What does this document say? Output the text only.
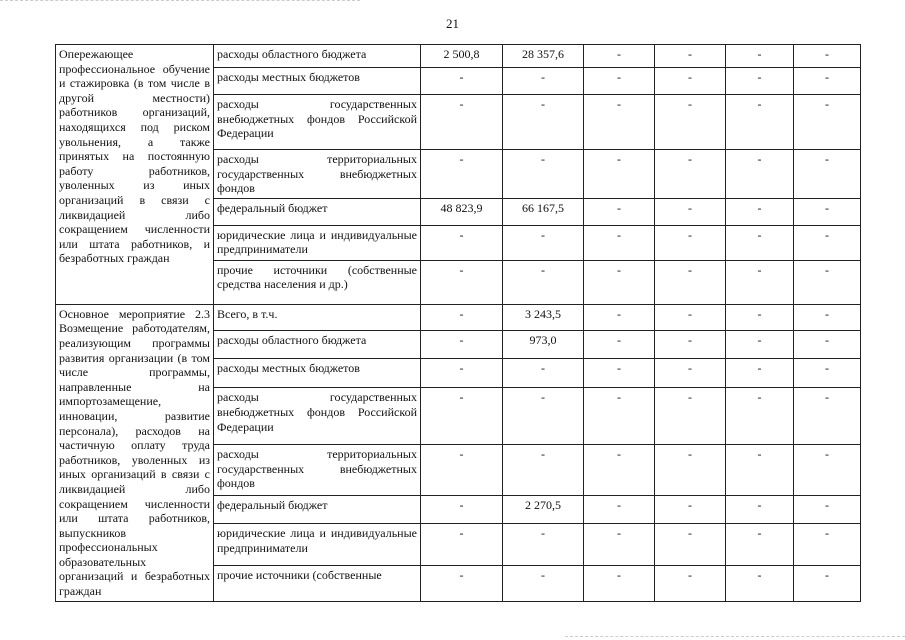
21
Опережающее профессиональное обучение и стажировка (в том числе в другой местности) работников организаций, находящихся под риском увольнения, а также принятых на постоянную работу работников, уволенных из иных организаций в связи с ликвидацией либо сокращением численности или штата работников, и безработных граждан	расходы областного бюджета	2 500,8	28 357,6	-	-	-	-
	расходы местных бюджетов	-	-	-	-	-	-
	расходы государственных внебюджетных фондов Российской Федерации	-	-	-	-	-	-
	расходы территориальных государственных внебюджетных фондов	-	-	-	-	-	-
	федеральный бюджет	48 823,9	66 167,5	-	-	-	-
	юридические лица и индивидуальные предприниматели	-	-	-	-	-	-
	прочие источники (собственные средства населения и др.)	-	-	-	-	-	-
Основное мероприятие 2.3 Возмещение работодателям, реализующим программы развития организации (в том числе программы, направленные на импортозамещение, инновации, развитие персонала), расходов на частичную оплату труда работников, уволенных из иных организаций в связи с ликвидацией либо сокращением численности или штата работников, выпускников профессиональных образовательных организаций и безработных граждан	Всего, в т.ч.	-	3 243,5	-	-	-	-
	расходы областного бюджета	-	973,0	-	-	-	-
	расходы местных бюджетов	-	-	-	-	-	-
	расходы государственных внебюджетных фондов Российской Федерации	-	-	-	-	-	-
	расходы территориальных государственных внебюджетных фондов	-	-	-	-	-	-
	федеральный бюджет	-	2 270,5	-	-	-	-
	юридические лица и индивидуальные предприниматели	-	-	-	-	-	-
	прочие источники (собственные	-	-	-	-	-	-
